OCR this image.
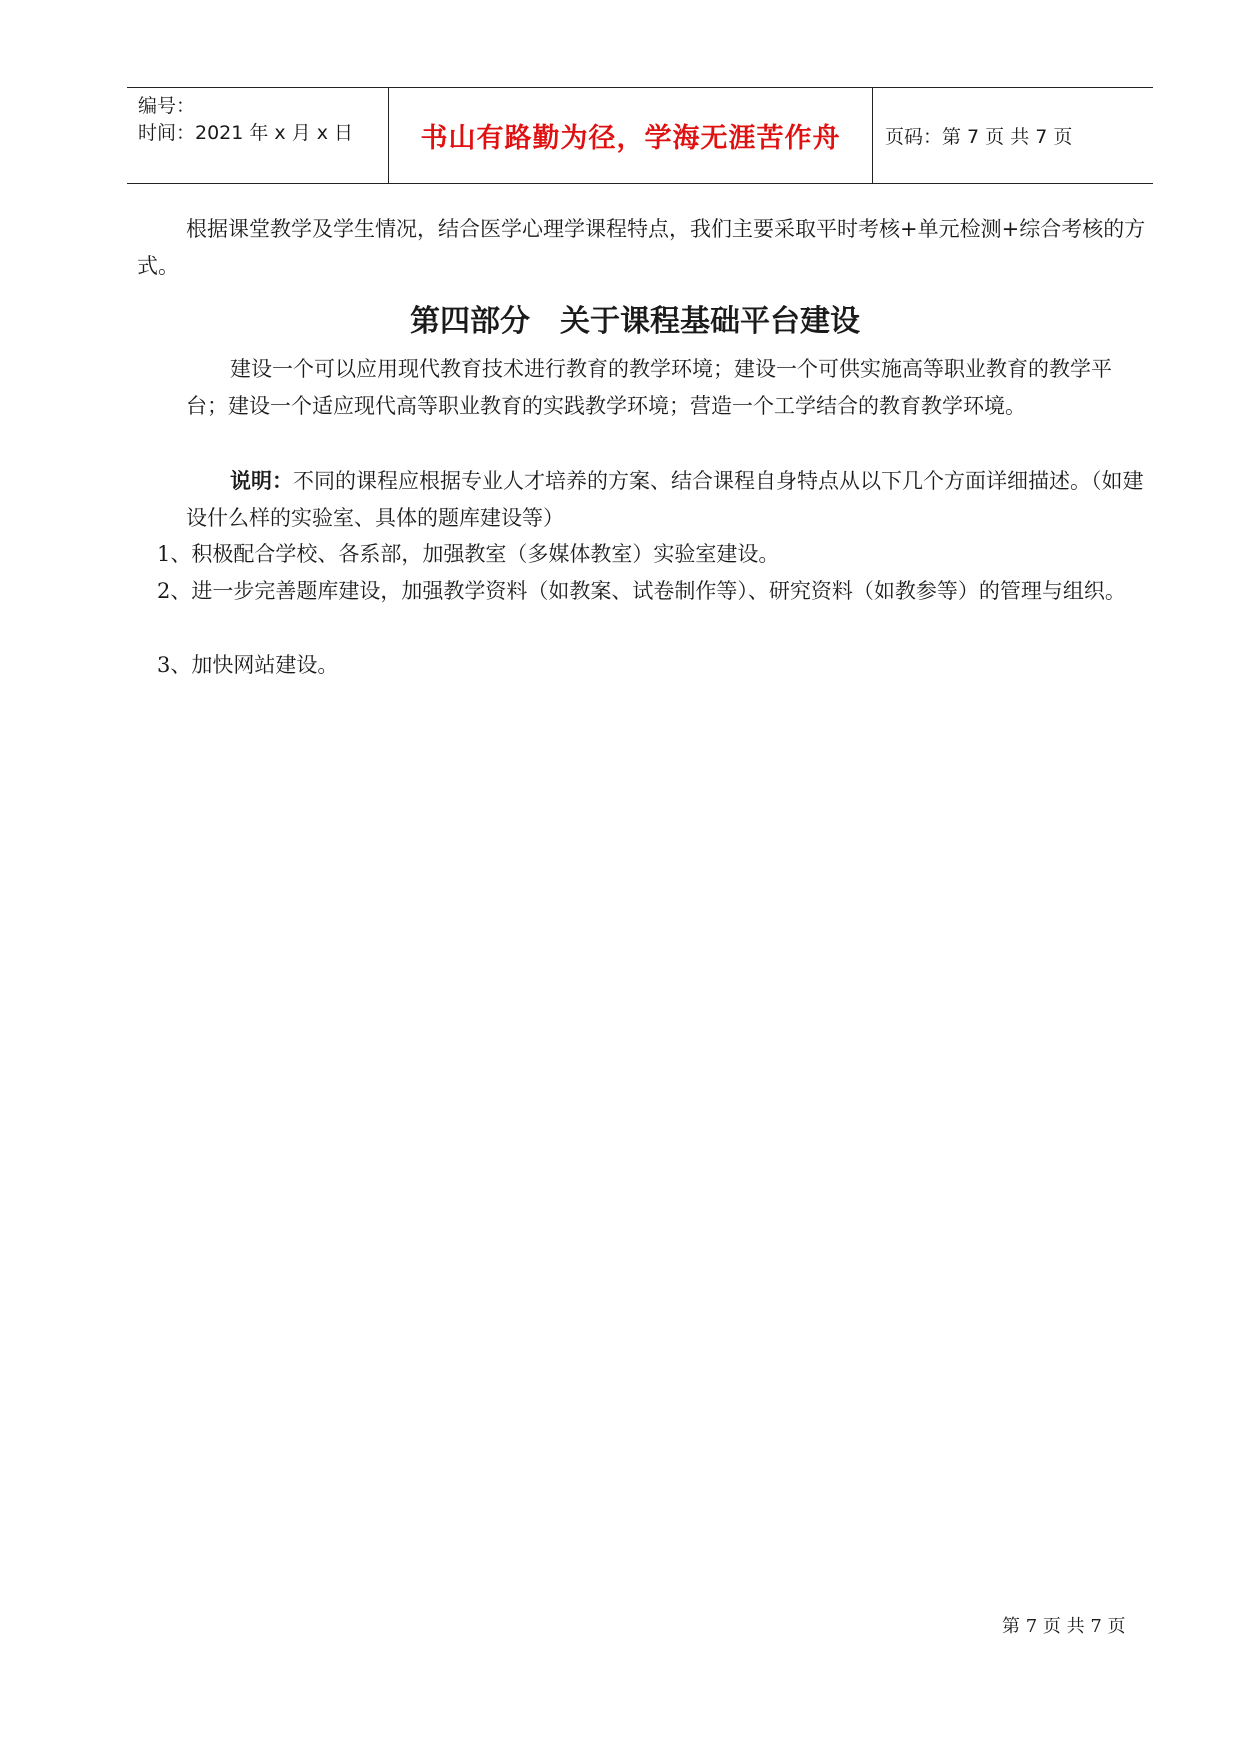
编号：
时间：2021 年 x 月 x 日	书山有路勤为径，学海无涯苦作舟 页码：第 7 页 共 7 页

根据课堂教学及学生情况，结合医学心理学课程特点，我们主要采取平时考核+单元检测+综合考核的方式。

第四部分　关于课程基础平台建设

建设一个可以应用现代教育技术进行教育的教学环境；建设一个可供实施高等职业教育的教学平台；建设一个适应现代高等职业教育的实践教学环境；营造一个工学结合的教育教学环境。

说明：不同的课程应根据专业人才培养的方案、结合课程自身特点从以下几个方面详细描述。（如建设什么样的实验室、具体的题库建设等）

1、积极配合学校、各系部，加强教室（多媒体教室）实验室建设。

2、进一步完善题库建设，加强教学资料（如教案、试卷制作等）、研究资料（如教参等）的管理与组织。

3、加快网站建设。

第 7 页 共 7 页
